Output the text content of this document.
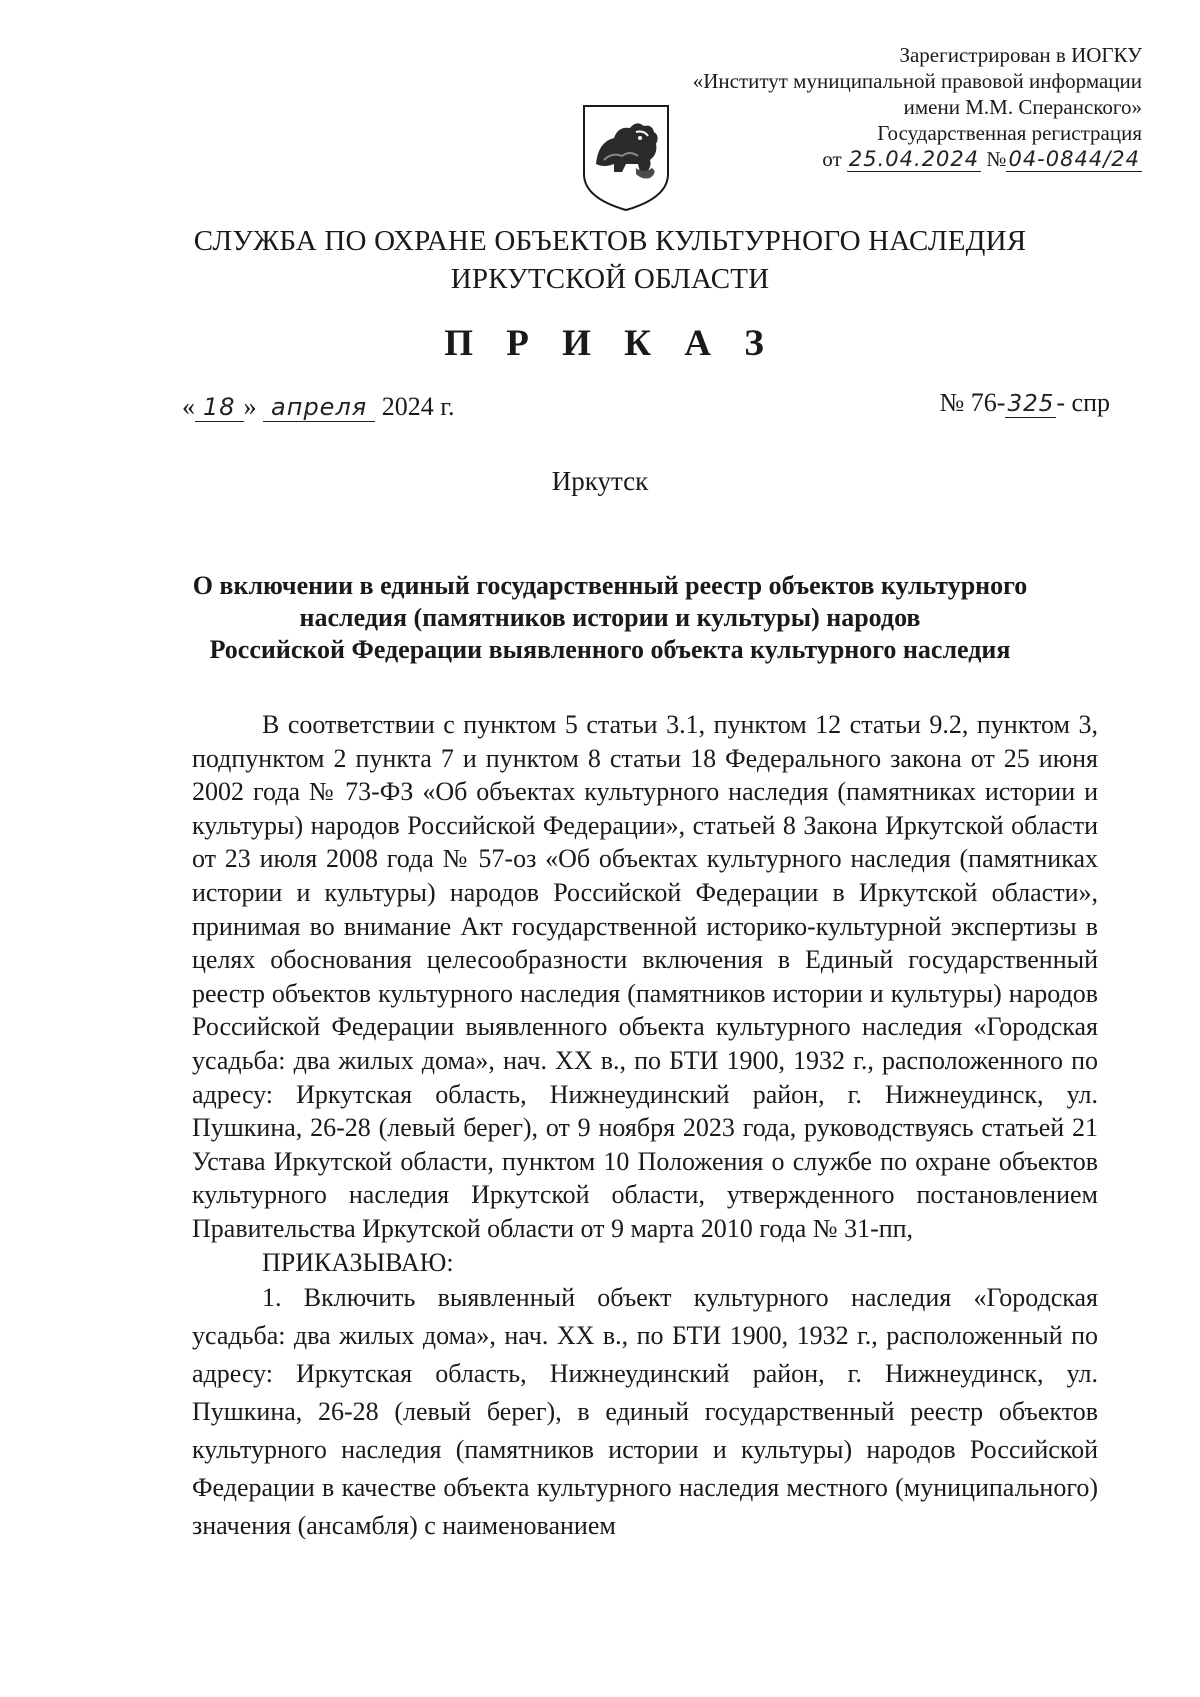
Зарегистрирован в ИОГКУ
«Институт муниципальной правовой информации
имени М.М. Сперанского»
Государственная регистрация
от 25.04.2024 №04-0844/24
СЛУЖБА ПО ОХРАНЕ ОБЪЕКТОВ КУЛЬТУРНОГО НАСЛЕДИЯ
ИРКУТСКОЙ ОБЛАСТИ
П Р И К А З
« 18 » апреля 2024 г.	№ 76-325- спр
Иркутск
О включении в единый государственный реестр объектов культурного
наследия (памятников истории и культуры) народов
Российской Федерации выявленного объекта культурного наследия

В соответствии с пунктом 5 статьи 3.1, пунктом 12 статьи 9.2, пунктом 3, подпунктом 2 пункта 7 и пунктом 8 статьи 18 Федерального закона от 25 июня 2002 года № 73-ФЗ «Об объектах культурного наследия (памятниках истории и культуры) народов Российской Федерации», статьей 8 Закона Иркутской области от 23 июля 2008 года № 57-оз «Об объектах культурного наследия (памятниках истории и культуры) народов Российской Федерации в Иркутской области», принимая во внимание Акт государственной историко-культурной экспертизы в целях обоснования целесообразности включения в Единый государственный реестр объектов культурного наследия (памятников истории и культуры) народов Российской Федерации выявленного объекта культурного наследия «Городская усадьба: два жилых дома», нач. XX в., по БТИ 1900, 1932 г., расположенного по адресу: Иркутская область, Нижнеудинский район, г. Нижнеудинск, ул. Пушкина, 26-28 (левый берег), от 9 ноября 2023 года, руководствуясь статьей 21 Устава Иркутской области, пунктом 10 Положения о службе по охране объектов культурного наследия Иркутской области, утвержденного постановлением Правительства Иркутской области от 9 марта 2010 года № 31-пп,

ПРИКАЗЫВАЮ:

1. Включить выявленный объект культурного наследия «Городская усадьба: два жилых дома», нач. XX в., по БТИ 1900, 1932 г., расположенный по адресу: Иркутская область, Нижнеудинский район, г. Нижнеудинск, ул. Пушкина, 26-28 (левый берег), в единый государственный реестр объектов культурного наследия (памятников истории и культуры) народов Российской Федерации в качестве объекта культурного наследия местного (муниципального) значения (ансамбля) с наименованием
